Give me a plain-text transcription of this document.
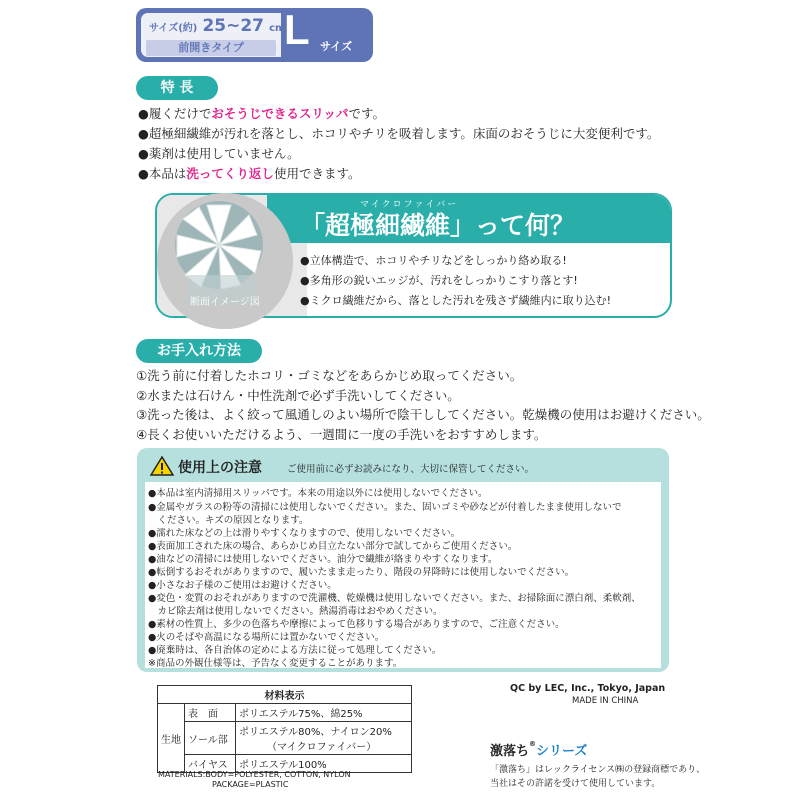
サイズ(約) 25~27 cm
前開きタイプ L サイズ
特 長
●履くだけでおそうじできるスリッパです。
●超極細繊維が汚れを落とし、ホコリやチリを吸着します。床面のおそうじに大変便利です。
●薬剤は使用していません。
●本品は洗ってくり返し使用できます。
断面イメージ図
マイクロファイバー
「超極細繊維」って何？
●立体構造で、ホコリやチリなどをしっかり絡め取る!
●多角形の鋭いエッジが、汚れをしっかりこすり落とす!
●ミクロ繊維だから、落とした汚れを残さず繊維内に取り込む!
お手入れ方法
①洗う前に付着したホコリ・ゴミなどをあらかじめ取ってください。
②水または石けん・中性洗剤で必ず手洗いしてください。
③洗った後は、よく絞って風通しのよい場所で陰干ししてください。乾燥機の使用はお避けください。
④長くお使いいただけるよう、一週間に一度の手洗いをおすすめします。
使用上の注意	ご使用前に必ずお読みになり、大切に保管してください。
●本品は室内清掃用スリッパです。本来の用途以外には使用しないでください。
●金属やガラスの粉等の清掃には使用しないでください。また、固いゴミや砂などが付着したまま使用しないで
　ください。キズの原因となります。
●濡れた床などの上は滑りやすくなりますので、使用しないでください。
●表面加工された床の場合、あらかじめ目立たない部分で試してからご使用ください。
●油などの清掃には使用しないでください。油分で繊維が絡まりやすくなります。
●転倒するおそれがありますので、履いたまま走ったり、階段の昇降時には使用しないでください。
●小さなお子様のご使用はお避けください。
●変色・変質のおそれがありますので洗濯機、乾燥機は使用しないでください。また、お掃除面に漂白剤、柔軟剤、
　カビ除去剤は使用しないでください。熱湯消毒はおやめください。
●素材の性質上、多少の色落ちや摩擦によって色移りする場合がありますので、ご注意ください。
●火のそばや高温になる場所には置かないでください。
●廃棄時は、各自治体の定めによる方法に従って処理してください。
※商品の外観仕様等は、予告なく変更することがあります。
材料表示		
生地	表　面	ポリエステル75%、綿25%
	ソール部	ポリエステル80%、ナイロン20%
（マイクロファイバー）

	バイヤス	ポリエステル100%
MATERIALS:BODY=POLYESTER, COTTON, NYLON
PACKAGE=PLASTIC
QC by LEC, Inc., Tokyo, Japan
MADE IN CHINA
激落ち®シリーズ
「激落ち」はレックライセンス㈱の登録商標であり、
当社はその許諾を受けて使用しています。
